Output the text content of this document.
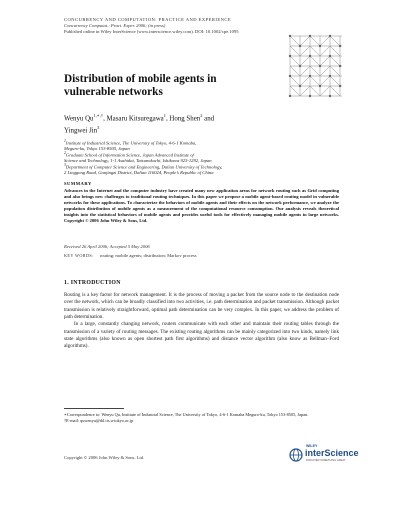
CONCURRENCY AND COMPUTATION: PRACTICE AND EXPERIENCE
Concurrency Computat.: Pract. Exper. 2006; (in press)
Published online in Wiley InterScience (www.interscience.wiley.com). DOI: 10.1002/cpe.1095
Distribution of mobile agents in vulnerable networks
Wenyu $Qu^{1,∗,\dagger}$, Masaru Kitsuregawa$^1$, Hong Shen$^2$ and
Yingwei Jin$^3$
$^1$Institute of Industrial Science, The University of Tokyo, 4-6-1 Komaba,
Meguro-ku, Tokyo 153-8505, Japan
$^2$Graduate School of Information Science, Japan Advanced Institute of
Science and Technology, 1-1 Asahidai, Tatsunokuchi, Ishikawa 923-1292, Japan
$^3$Department of Computer Science and Engineering, Dalian University of Technology,
2 Linggong Road, Ganjingzi District, Dalian 116024, People’s Republic of China
SUMMARY
Advances in the Internet and the computer industry have created many new application areas for network routing such as Grid computing and also brings new challenges to traditional routing techniques. In this paper we propose a mobile agent-based routing model in vulnerable networks for these applications. To characterize the behaviors of mobile agents and their effects on the network performance, we analyze the population distribution of mobile agents as a measurement of the computational resource consumption. Our analysis reveals theoretical insights into the statistical behaviors of mobile agents and provides useful tools for effectively managing mobile agents in large networks. Copyright © 2006 John Wiley & Sons, Ltd.
Received 26 April 2006; Accepted 5 May 2006
KEY WORDS: routing; mobile agents; distribution; Markov process
1. INTRODUCTION

Routing is a key factor for network management. It is the process of moving a packet from the source node to the destination node over the network, which can be broadly classified into two activities, i.e. path determination and packet transmission. Although packet transmission is relatively straightforward, optimal path determination can be very complex. In this paper, we address the problem of path determination.

In a large, constantly changing network, routers communicate with each other and maintain their routing tables through the transmission of a variety of routing messages. The existing routing algorithms can be mainly categorized into two kinds, namely link state algorithms (also known as open shortest path first algorithms) and distance vector algorithm (also know as Bellman–Ford algorithms).

∗Correspondence to: Wenyu Qu, Institute of Industrial Science, The University of Tokyo, 4-6-1 Komaba Meguro-ku, Tokyo 153-8505, Japan.
†E-mail: quwenyu@tkl.iis.u-tokyo.ac.jp
Copyright © 2006 John Wiley & Sons, Ltd.
WILEY
interScience
DISCOVER SOMETHING GREAT
